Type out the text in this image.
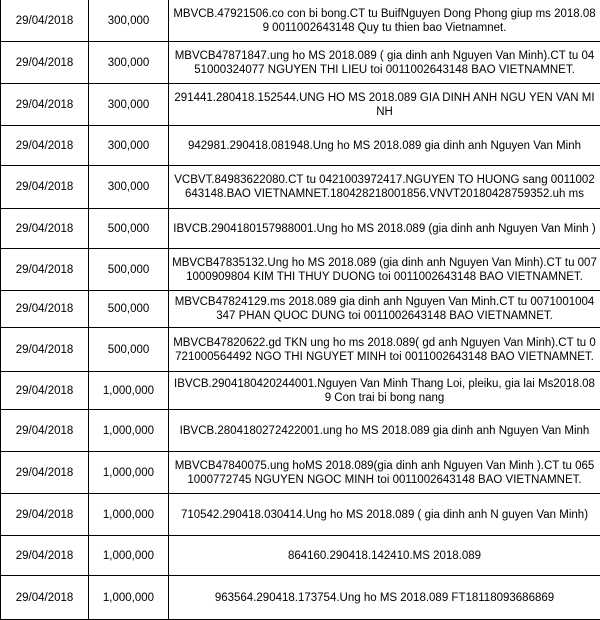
29/04/2018	300,000	MBVCB.47921506.co con bi bong.CT tu BuifNguyen Dong Phong giup ms 2018.089 0011002643148 Quy tu thien bao Vietnamnet.
29/04/2018	300,000	MBVCB47871847.ung ho MS 2018.089 ( gia dinh anh Nguyen Van Minh).CT tu 0451000324077 NGUYEN THI LIEU toi 0011002643148 BAO VIETNAMNET.
29/04/2018	300,000	291441.280418.152544.UNG HO MS 2018.089 GIA DINH ANH NGU YEN VAN MINH
29/04/2018	300,000	942981.290418.081948.Ung ho MS 2018.089 gia dinh anh Nguyen Van Minh
29/04/2018	300,000	VCBVT.84983622080.CT tu 0421003972417.NGUYEN TO HUONG sang 0011002643148.BAO VIETNAMNET.180428218001856.VNVT20180428759352.uh ms
29/04/2018	500,000	IBVCB.2904180157988001.Ung ho MS 2018.089 (gia dinh anh Nguyen Van Minh )
29/04/2018	500,000	MBVCB47835132.Ung ho MS 2018.089 (gia dinh anh Nguyen Van Minh).CT tu 0071000909804 KIM THI THUY DUONG toi 0011002643148 BAO VIETNAMNET.
29/04/2018	500,000	MBVCB47824129.ms 2018.089 gia dinh anh Nguyen Van Minh.CT tu 0071001004347 PHAN QUOC DUNG toi 0011002643148 BAO VIETNAMNET.
29/04/2018	500,000	MBVCB47820622.gd TKN ung ho ms 2018.089( gd anh Nguyen Van Minh).CT tu 0721000564492 NGO THI NGUYET MINH toi 0011002643148 BAO VIETNAMNET.
29/04/2018	1,000,000	IBVCB.2904180420244001.Nguyen Van Minh Thang Loi, pleiku, gia lai Ms2018.089 Con trai bi bong nang
29/04/2018	1,000,000	IBVCB.2804180272422001.ung ho MS 2018.089 gia dinh anh Nguyen Van Minh
29/04/2018	1,000,000	MBVCB47840075.ung hoMS 2018.089(gia dinh anh Nguyen Van Minh ).CT tu 0651000772745 NGUYEN NGOC MINH toi 0011002643148 BAO VIETNAMNET.
29/04/2018	1,000,000	710542.290418.030414.Ung ho MS 2018.089 ( gia dinh anh N guyen Van Minh)
29/04/2018	1,000,000	864160.290418.142410.MS 2018.089
29/04/2018	1,000,000	963564.290418.173754.Ung ho MS 2018.089 FT18118093686869
